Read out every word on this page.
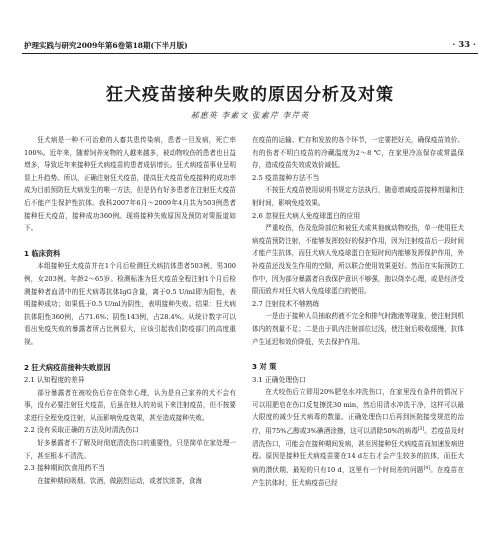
护理实践与研究2009年第6卷第18期(下半月版)	· 33 ·
狂犬疫苗接种失败的原因分析及对策
郝惠英 李素文 张素芹 李芹英

狂犬病是一种不可治愈的人畜共患传染病，患者一旦发病，死亡率100%。近年来，随着饲养宠物的人越来越多，被动物咬伤的患者也日益增多，导致近年来接种狂犬病疫苗的患者成倍增长。狂犬病疫苗事业呈明显上升趋势。所以，正确注射狂犬疫苗，提高狂犬疫苗免疫接种的成功率成为目前预防狂犬病发生的唯一方法，但是仍有好多患者在注射狂犬疫苗后不能产生保护性抗体。我科2007年6月～2009年4月共为503例患者接种狂犬疫苗，接种成功360例。现将接种失败原因及预防对策报道如下。

1 临床资料

本组接种狂犬疫苗并在1个月后检测狂犬病抗体患者503例，男300例，女203例。年龄2～65岁。检测标准为狂犬疫苗全程注射1个月后检测接种者血清中的狂犬病毒抗体IgG含量，离于0.5 U/ml即为阳性，表明接种成功；如果低于0.5 U/ml为阴性，表明接种失败。结果：狂犬病抗体阳性360例，占71.6%；阴性143例，占28.4%。从统计数字可以看出免疫失败的暴露者所占比例很大，应该引起我们防疫部门的高度重视。

2 狂犬病疫苗接种失败原因
2.1 认知程度的差异

部分暴露者在被咬伤后存在侥幸心理，认为是自己家养的犬不会有事，没有必要注射狂犬疫苗，后虽在他人的劝说下来注射疫苗，但不按要求进行全程免疫注射，从而影响免疫效果，甚至造成接种失败。

2.2 没有采取正确的方法及时清洗伤口

好多暴露者不了解及时彻底清洗伤口的重要性，只是简单在家处理一下，甚至根本不清洗。

2.3 接种期间饮食用药不当

在接种期间吸烟、饮酒，做剧烈运动，或者饮浓茶，食海

在疫苗的运输、贮存和发放的各个环节，一定要把好关，确保疫苗效价。有的伤者不明白疫苗的冷藏温度为2～8 ℃，在家里冷冻保存或常温保存，造成疫苗失效或效价减低。

2.5 疫苗接种方法不当

不按狂犬疫苗使用说明书规定方法执行，随意增减疫苗接种剂量和注射时间，影响免疫效果。

2.6 忽视狂犬病人免疫球蛋白的应用

严重咬伤，伤及危险部位和被狂犬或其他疯动物咬伤，单一使用狂犬病疫苗预防注射，不能够发挥较好的保护作用，因为注射疫苗后一段时间才能产生抗体，而狂犬病人免疫球蛋白在短时间内能够发挥保护作用，外补疫苗还没发生作用的空隙，所以联合使用效果更好。然而在实际预防工作中，因为部分暴露者自我保护意识不够强，抱以侥幸心理，或是经济受限而放弃对狂犬病人免疫球蛋白的使用。

2.7 注射技术不够熟练

一是由于接种人员抽取药液不完全和排气时跑液等现象，使注射到机体内的剂量不足；二是由于肌内注射部位过浅，使注射后吸收缓慢，抗体产生延迟和效价降低，失去保护作用。

3 对 策
3.1 正确处理伤口

在犬咬伤后立即用20%肥皂水冲洗伤口，在家里没有条件的情况下可以用肥皂在伤口反复擦洗30 min，然后用清水冲洗干净，这样可以最大限度的减少狂犬病毒的数量。正确处理伤口后再到医院接受规范的治疗，用75%乙醇或3%碘酒涂擦，这可以清除50%的病毒[3]。若疫苗及时清洗伤口，可能会在接种期间发病，甚至因接种狂犬病疫苗而加速发病进程。原因是接种狂犬病疫苗要在14 d左右才会产生较多的抗体，而狂犬病的潜伏期，最短的只有10 d，这里有一个时间差的问题[4]。在疫苗在产生抗体时，狂犬病疫苗已经
